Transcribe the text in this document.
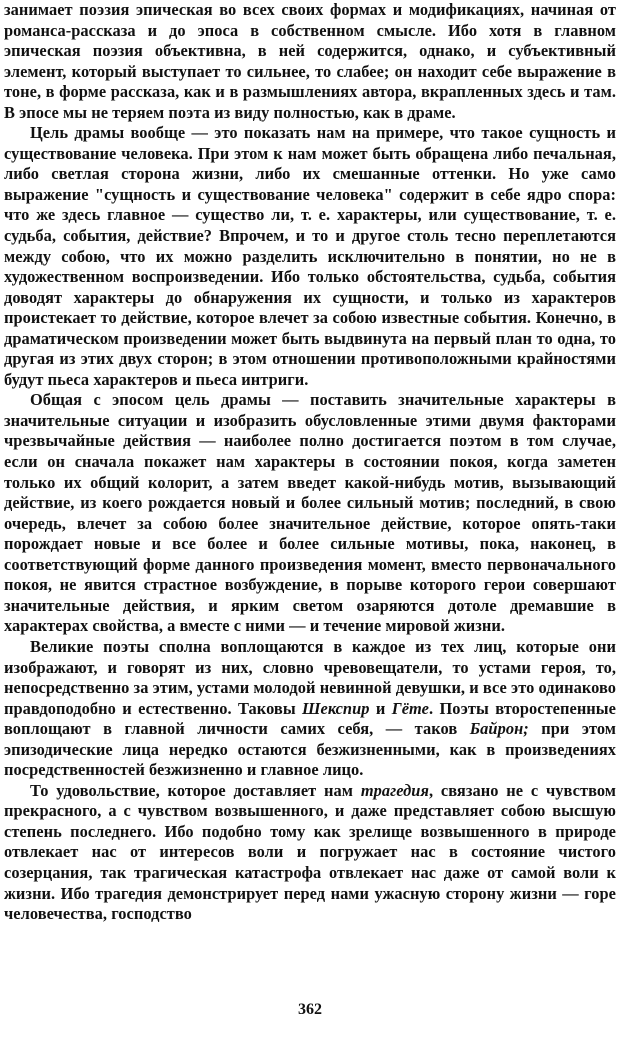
занимает поэзия эпическая во всех своих формах и модификациях, начиная от романса-рассказа и до эпоса в собственном смысле. Ибо хотя в главном эпическая поэзия объективна, в ней содержится, однако, и субъективный элемент, который выступает то сильнее, то слабее; он находит себе выражение в тоне, в форме рассказа, как и в размышлениях автора, вкрапленных здесь и там. В эпосе мы не теряем поэта из виду полностью, как в драме.

Цель драмы вообще — это показать нам на примере, что такое сущность и существование человека. При этом к нам может быть обращена либо печальная, либо светлая сторона жизни, либо их смешанные оттенки. Но уже само выражение "сущность и существование человека" содержит в себе ядро спора: что же здесь главное — существо ли, т. е. характеры, или существование, т. е. судьба, события, действие? Впрочем, и то и другое столь тесно переплетаются между собою, что их можно разделить исключительно в понятии, но не в художественном воспроизведении. Ибо только обстоятельства, судьба, события доводят характеры до обнаружения их сущности, и только из характеров проистекает то действие, которое влечет за собою известные события. Конечно, в драматическом произведении может быть выдвинута на первый план то одна, то другая из этих двух сторон; в этом отношении противоположными крайностями будут пьеса характеров и пьеса интриги.

Общая с эпосом цель драмы — поставить значительные характеры в значительные ситуации и изобразить обусловленные этими двумя факторами чрезвычайные действия — наиболее полно достигается поэтом в том случае, если он сначала покажет нам характеры в состоянии покоя, когда заметен только их общий колорит, а затем введет какой-нибудь мотив, вызывающий действие, из коего рождается новый и более сильный мотив; последний, в свою очередь, влечет за собою более значительное действие, которое опять-таки порождает новые и все более и более сильные мотивы, пока, наконец, в соответствующий форме данного произведения момент, вместо первоначального покоя, не явится страстное возбуждение, в порыве которого герои совершают значительные действия, и ярким светом озаряются дотоле дремавшие в характерах свойства, а вместе с ними — и течение мировой жизни.

Великие поэты сполна воплощаются в каждое из тех лиц, которые они изображают, и говорят из них, словно чревовещатели, то устами героя, то, непосредственно за этим, устами молодой невинной девушки, и все это одинаково правдоподобно и естественно. Таковы Шекспир и Гёте. Поэты второстепенные воплощают в главной личности самих себя, — таков Байрон; при этом эпизодические лица нередко остаются безжизненными, как в произведениях посредственностей безжизненно и главное лицо.

То удовольствие, которое доставляет нам трагедия, связано не с чувством прекрасного, а с чувством возвышенного, и даже представляет собою высшую степень последнего. Ибо подобно тому как зрелище возвышенного в природе отвлекает нас от интересов воли и погружает нас в состояние чистого созерцания, так трагическая катастрофа отвлекает нас даже от самой воли к жизни. Ибо трагедия демонстрирует перед нами ужасную сторону жизни — горе человечества, господство

362
